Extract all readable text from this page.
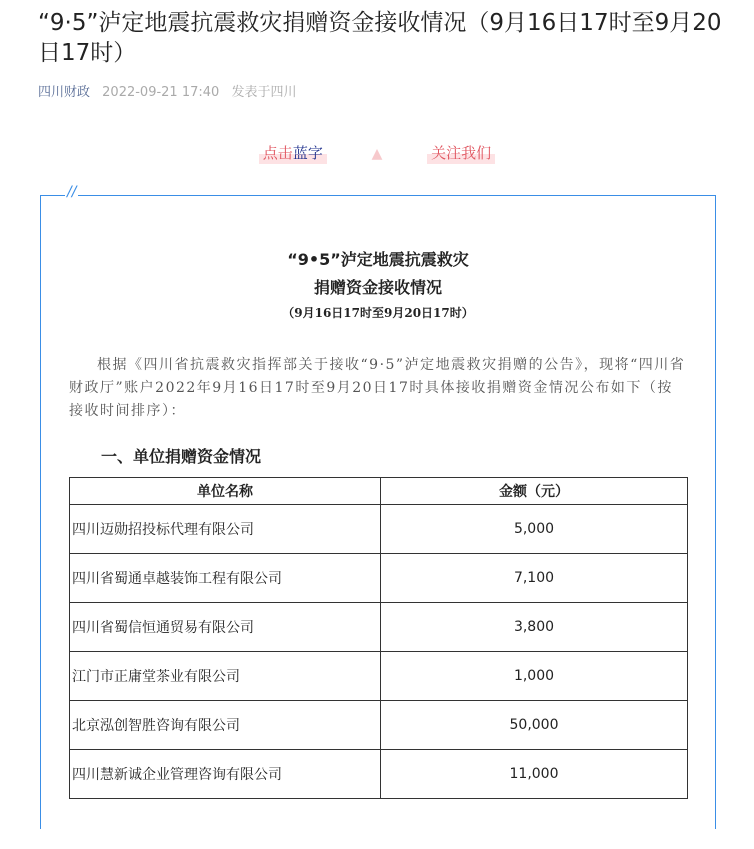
“9·5”泸定地震抗震救灾捐赠资金接收情况（9月16日17时至9月20日17时）
四川财政 2022-09-21 17:40 发表于四川
点击蓝字	▲	关注我们
//
“9•5”泸定地震抗震救灾
捐赠资金接收情况
（9月16日17时至9月20日17时）
根据《四川省抗震救灾指挥部关于接收“9·5”泸定地震救灾捐赠的公告》，现将“四川省财政厅”账户2022年9月16日17时至9月20日17时具体接收捐赠资金情况公布如下（按接收时间排序）：
一、单位捐赠资金情况
单位名称	金额（元）
四川迈勋招投标代理有限公司	5,000
四川省蜀通卓越装饰工程有限公司	7,100
四川省蜀信恒通贸易有限公司	3,800
江门市正庸堂茶业有限公司	1,000
北京泓创智胜咨询有限公司	50,000
四川慧新诚企业管理咨询有限公司	11,000
